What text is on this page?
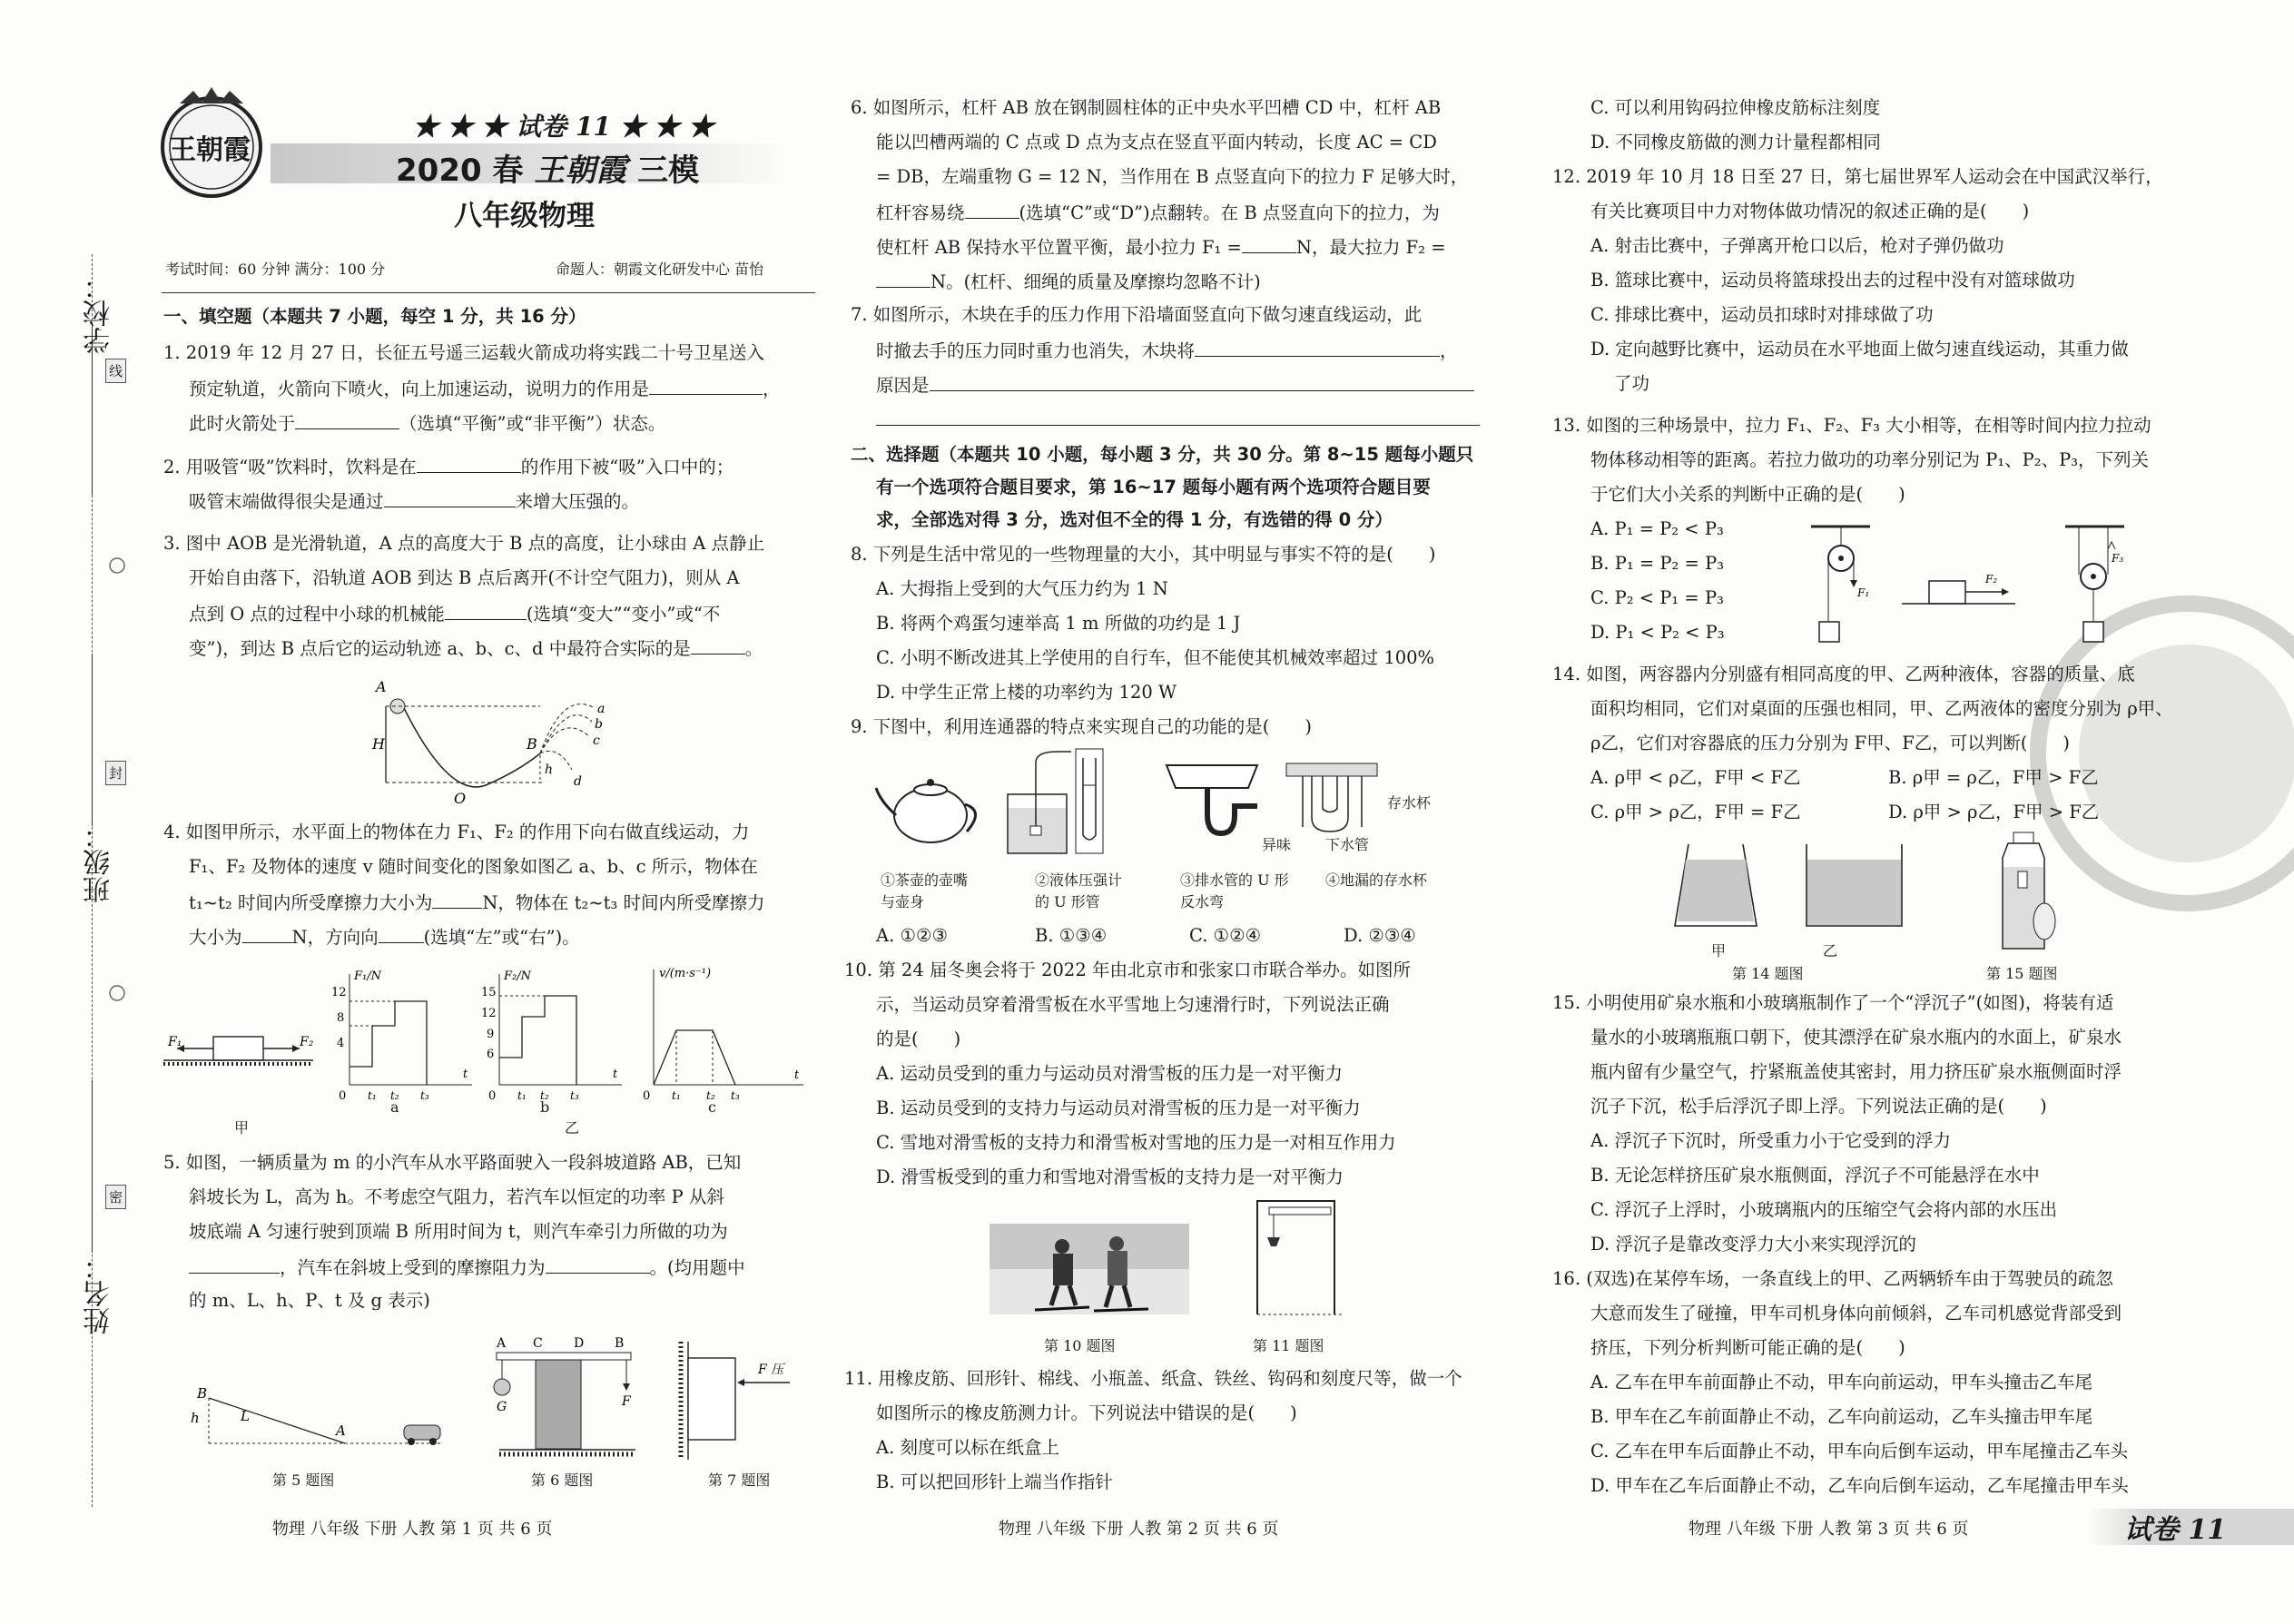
学校：
班级：
姓名：
线
封
密
王朝霞
★ ★ ★ 试卷 11 ★ ★ ★
2020 春 王朝霞 三模
八年级物理
考试时间：60 分钟 满分：100 分	命题人：朝霞文化研发中心 苗怡
一、填空题（本题共 7 小题，每空 1 分，共 16 分）
1. 2019 年 12 月 27 日，长征五号遥三运载火箭成功将实践二十号卫星送入
预定轨道，火箭向下喷火，向上加速运动，说明力的作用是	，
此时火箭处于	（选填“平衡”或“非平衡”）状态。
2. 用吸管“吸”饮料时，饮料是在	的作用下被“吸”入口中的；
吸管末端做得很尖是通过	来增大压强的。
3. 图中 AOB 是光滑轨道，A 点的高度大于 B 点的高度，让小球由 A 点静止
开始自由落下，沿轨道 AOB 到达 B 点后离开(不计空气阻力)，则从 A
点到 O 点的过程中小球的机械能	(选填“变大”“变小”或“不
变”)，到达 B 点后它的运动轨迹 a、b、c、d 中最符合实际的是	。
H
A
O
B
h
a
b
c
d
4. 如图甲所示，水平面上的物体在力 F₁、F₂ 的作用下向右做直线运动，力
F₁、F₂ 及物体的速度 v 随时间变化的图象如图乙 a、b、c 所示，物体在
t₁~t₂ 时间内所受摩擦力大小为	N，物体在 t₂~t₃ 时间内所受摩擦力
大小为	N，方向向	(选填“左”或“右”)。
F₁	F₂
甲
F₁/N
12
8
4
0 t₁ t₂ t₃
t
a
F₂/N
15
12
9
6
0 t₁ t₂ t₃
t
b
乙
v/(m·s⁻¹)
0 t₁ t₂ t₃
t
c
5. 如图，一辆质量为 m 的小汽车从水平路面驶入一段斜坡道路 AB，已知
斜坡长为 L，高为 h。不考虑空气阻力，若汽车以恒定的功率 P 从斜
坡底端 A 匀速行驶到顶端 B 所用时间为 t，则汽车牵引力所做的功为
，汽车在斜坡上受到的摩擦阻力为	。(均用题中
的 m、L、h、P、t 及 g 表示)
B
h	L
A
第 5 题图
A C D B
G	F
第 6 题图
F 压
第 7 题图
物理 八年级 下册 人教 第 1 页 共 6 页
6. 如图所示，杠杆 AB 放在钢制圆柱体的正中央水平凹槽 CD 中，杠杆 AB
能以凹槽两端的 C 点或 D 点为支点在竖直平面内转动，长度 AC = CD
= DB，左端重物 G = 12 N，当作用在 B 点竖直向下的拉力 F 足够大时，
杠杆容易绕	(选填“C”或“D”)点翻转。在 B 点竖直向下的拉力，为
使杠杆 AB 保持水平位置平衡，最小拉力 F₁ =	N，最大拉力 F₂ =
N。(杠杆、细绳的质量及摩擦均忽略不计)
7. 如图所示，木块在手的压力作用下沿墙面竖直向下做匀速直线运动，此
时撤去手的压力同时重力也消失，木块将	，
原因是
二、选择题（本题共 10 小题，每小题 3 分，共 30 分。第 8~15 题每小题只
有一个选项符合题目要求，第 16~17 题每小题有两个选项符合题目要
求，全部选对得 3 分，选对但不全的得 1 分，有选错的得 0 分）
8. 下列是生活中常见的一些物理量的大小，其中明显与事实不符的是(　　)
A. 大拇指上受到的大气压力约为 1 N
B. 将两个鸡蛋匀速举高 1 m 所做的功约是 1 J
C. 小明不断改进其上学使用的自行车，但不能使其机械效率超过 100%
D. 中学生正常上楼的功率约为 120 W
9. 下图中，利用连通器的特点来实现自己的功能的是(　　)
存水杯
异味 下水管
①茶壶的壶嘴
与壶身
②液体压强计
的 U 形管
③排水管的 U 形
反水弯
④地漏的存水杯
A. ①②③	B. ①③④	C. ①②④	D. ②③④
10. 第 24 届冬奥会将于 2022 年由北京市和张家口市联合举办。如图所
示，当运动员穿着滑雪板在水平雪地上匀速滑行时，下列说法正确
的是(　　)
A. 运动员受到的重力与运动员对滑雪板的压力是一对平衡力
B. 运动员受到的支持力与运动员对滑雪板的压力是一对平衡力
C. 雪地对滑雪板的支持力和滑雪板对雪地的压力是一对相互作用力
D. 滑雪板受到的重力和雪地对滑雪板的支持力是一对平衡力
第 10 题图	第 11 题图
11. 用橡皮筋、回形针、棉线、小瓶盖、纸盒、铁丝、钩码和刻度尺等，做一个
如图所示的橡皮筋测力计。下列说法中错误的是(　　)
A. 刻度可以标在纸盒上
B. 可以把回形针上端当作指针
物理 八年级 下册 人教 第 2 页 共 6 页
C. 可以利用钩码拉伸橡皮筋标注刻度
D. 不同橡皮筋做的测力计量程都相同
12. 2019 年 10 月 18 日至 27 日，第七届世界军人运动会在中国武汉举行，
有关比赛项目中力对物体做功情况的叙述正确的是(　　)
A. 射击比赛中，子弹离开枪口以后，枪对子弹仍做功
B. 篮球比赛中，运动员将篮球投出去的过程中没有对篮球做功
C. 排球比赛中，运动员扣球时对排球做了功
D. 定向越野比赛中，运动员在水平地面上做匀速直线运动，其重力做
了功
13. 如图的三种场景中，拉力 F₁、F₂、F₃ 大小相等，在相等时间内拉力拉动
物体移动相等的距离。若拉力做功的功率分别记为 P₁、P₂、P₃，下列关
于它们大小关系的判断中正确的是(　　)
A. P₁ = P₂ < P₃
B. P₁ = P₂ = P₃
C. P₂ < P₁ = P₃
D. P₁ < P₂ < P₃
F₁
F₂
F₃
14. 如图，两容器内分别盛有相同高度的甲、乙两种液体，容器的质量、底
面积均相同，它们对桌面的压强也相同，甲、乙两液体的密度分别为 ρ甲、
ρ乙，它们对容器底的压力分别为 F甲、F乙，可以判断(　　)
A. ρ甲 < ρ乙，F甲 < F乙	B. ρ甲 = ρ乙，F甲 > F乙
C. ρ甲 > ρ乙，F甲 = F乙	D. ρ甲 > ρ乙，F甲 > F乙
甲	乙
第 14 题图	第 15 题图
15. 小明使用矿泉水瓶和小玻璃瓶制作了一个“浮沉子”(如图)，将装有适
量水的小玻璃瓶瓶口朝下，使其漂浮在矿泉水瓶内的水面上，矿泉水
瓶内留有少量空气，拧紧瓶盖使其密封，用力挤压矿泉水瓶侧面时浮
沉子下沉，松手后浮沉子即上浮。下列说法正确的是(　　)
A. 浮沉子下沉时，所受重力小于它受到的浮力
B. 无论怎样挤压矿泉水瓶侧面，浮沉子不可能悬浮在水中
C. 浮沉子上浮时，小玻璃瓶内的压缩空气会将内部的水压出
D. 浮沉子是靠改变浮力大小来实现浮沉的
16. (双选)在某停车场，一条直线上的甲、乙两辆轿车由于驾驶员的疏忽
大意而发生了碰撞，甲车司机身体向前倾斜，乙车司机感觉背部受到
挤压，下列分析判断可能正确的是(　　)
A. 乙车在甲车前面静止不动，甲车向前运动，甲车头撞击乙车尾
B. 甲车在乙车前面静止不动，乙车向前运动，乙车头撞击甲车尾
C. 乙车在甲车后面静止不动，甲车向后倒车运动，甲车尾撞击乙车头
D. 甲车在乙车后面静止不动，乙车向后倒车运动，乙车尾撞击甲车头
物理 八年级 下册 人教 第 3 页 共 6 页	试卷 11
